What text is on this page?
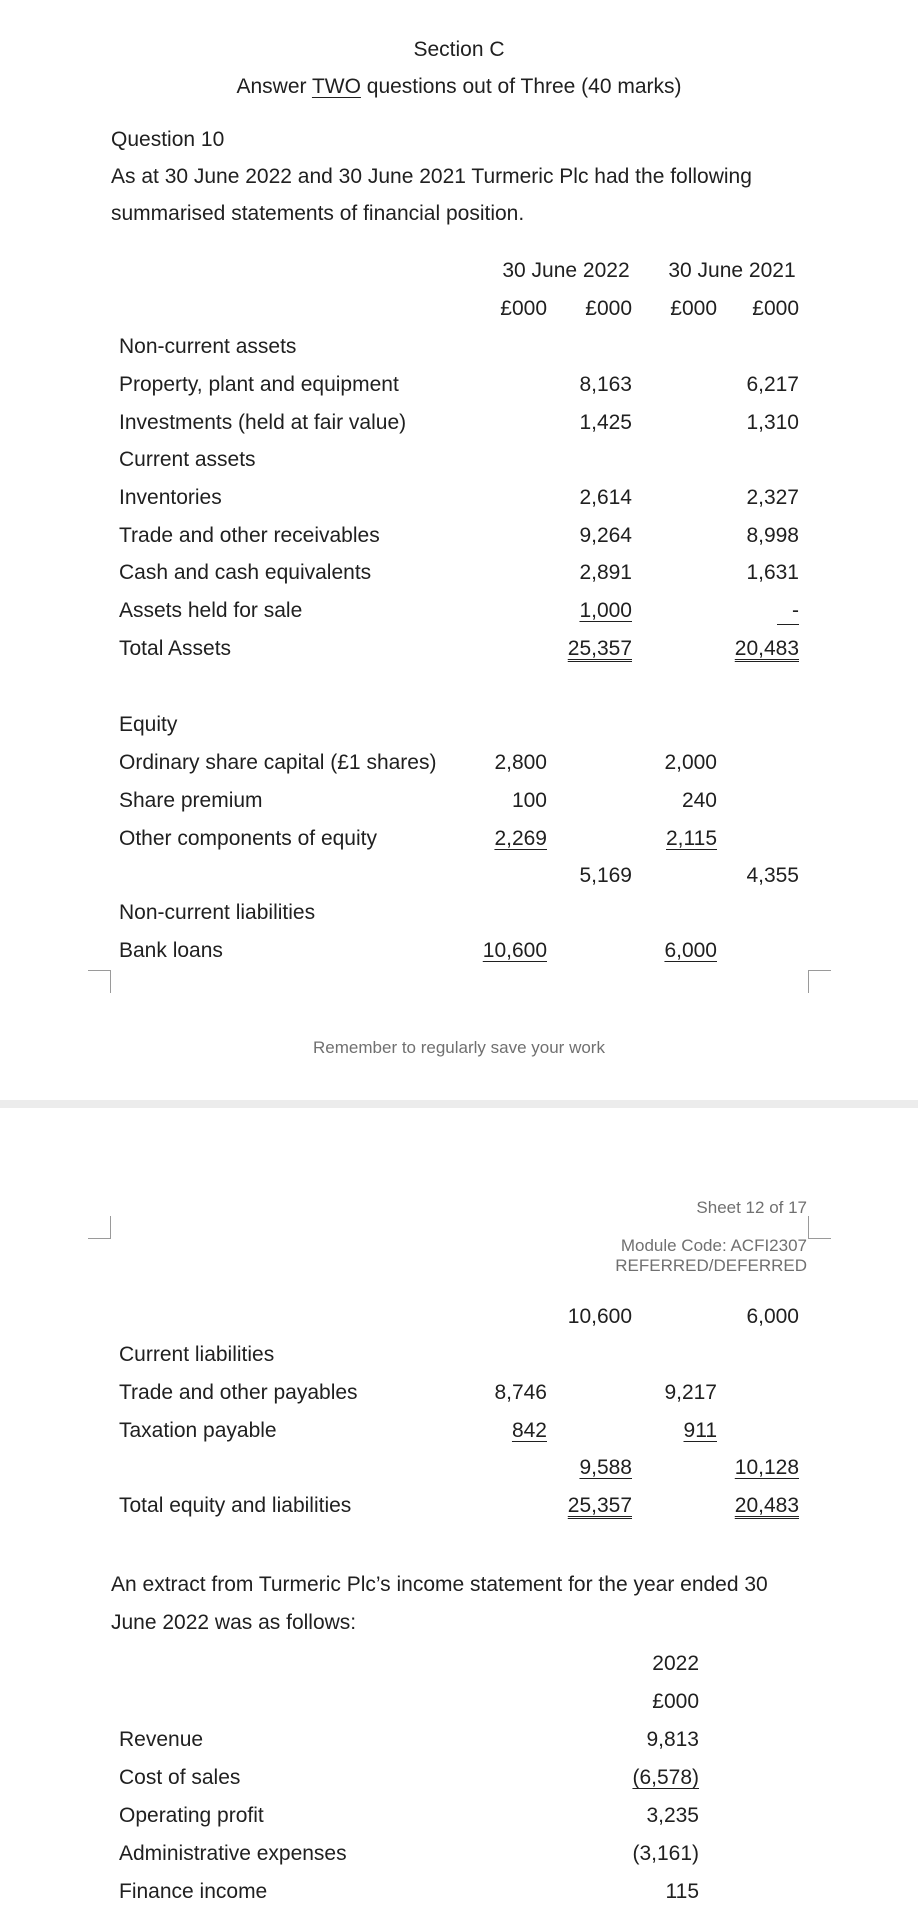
Section C
Answer TWO questions out of Three (40 marks)
Question 10
As at 30 June 2022 and 30 June 2021 Turmeric Plc had the following
summarised statements of financial position.
30 June 2022 30 June 2021
£000 £000 £000 £000
Non-current assets
Property, plant and equipment	8,163	6,217
Investments (held at fair value)	1,425	1,310
Current assets
Inventories	2,614	2,327
Trade and other receivables	9,264	8,998
Cash and cash equivalents	2,891	1,631
Assets held for sale	1,000	-
Total Assets	25,357	20,483
Equity
Ordinary share capital (£1 shares)	2,800	2,000
Share premium	100	240
Other components of equity	2,269	2,115
5,169	4,355
Non-current liabilities
Bank loans	10,600	6,000
Remember to regularly save your work
Sheet 12 of 17
Module Code: ACFI2307
REFERRED/DEFERRED
10,600	6,000
Current liabilities
Trade and other payables	8,746	9,217
Taxation payable	842	911
9,588	10,128
Total equity and liabilities	25,357	20,483
An extract from Turmeric Plc’s income statement for the year ended 30
June 2022 was as follows:
2022
£000
Revenue	9,813
Cost of sales	(6,578)
Operating profit	3,235
Administrative expenses	(3,161)
Finance income	115
